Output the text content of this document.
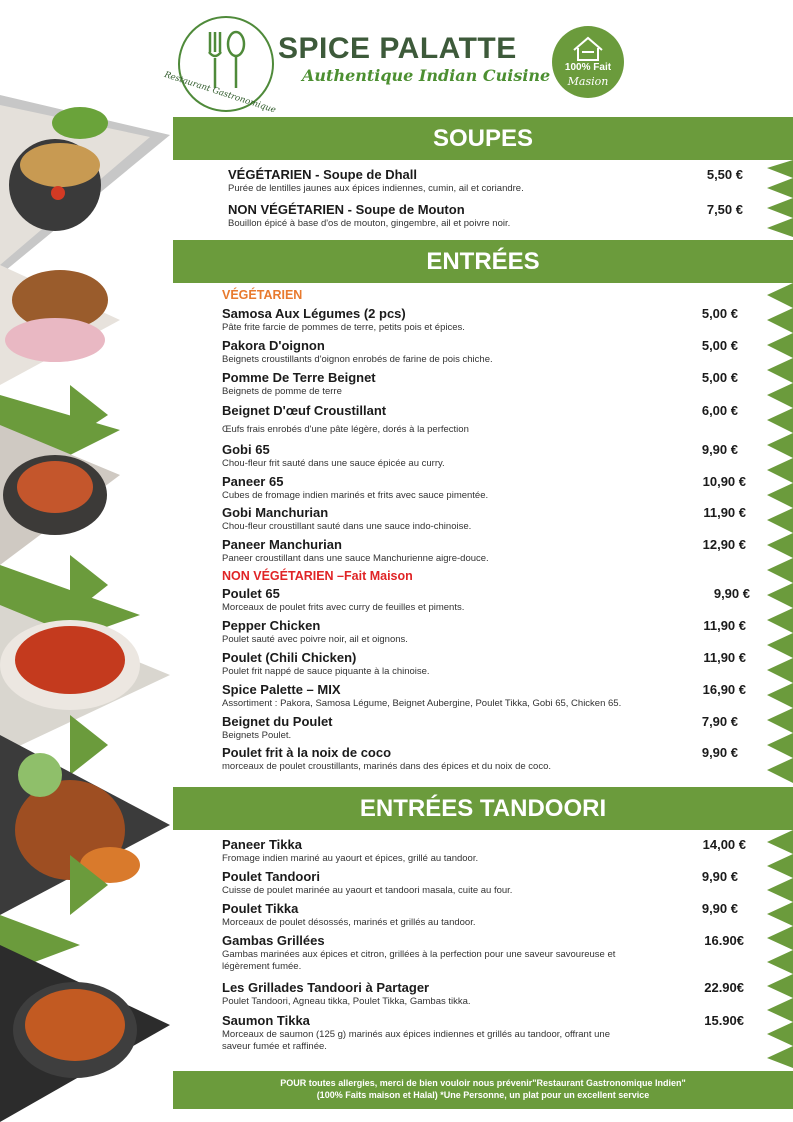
Restaurant Gastronomique
SPICE PALATTE
Authentique Indian Cuisine	100% Fait
Masion
SOUPES
VÉGÉTARIEN - Soupe de Dhall
Purée de lentilles jaunes aux épices indiennes, cumin, ail et coriandre.
5,50 €
NON VÉGÉTARIEN - Soupe de Mouton
Bouillon épicé à base d'os de mouton, gingembre, ail et poivre noir.
7,50 €
ENTRÉES
VÉGÉTARIEN
Samosa Aux Légumes (2 pcs)
Pâte frite farcie de pommes de terre, petits pois et épices.
5,00 €
Pakora D'oignon
Beignets croustillants d'oignon enrobés de farine de pois chiche.
5,00 €
Pomme De Terre Beignet
Beignets de pomme de terre
5,00 €
Beignet D'œuf Croustillant
Œufs frais enrobés d'une pâte légère, dorés à la perfection
6,00 €
Gobi 65
Chou-fleur frit sauté dans une sauce épicée au curry.
9,90 €
Paneer 65
Cubes de fromage indien marinés et frits avec sauce pimentée.
10,90 €
Gobi Manchurian
Chou-fleur croustillant sauté dans une sauce indo-chinoise.
11,90 €
Paneer Manchurian
Paneer croustillant dans une sauce Manchurienne aigre-douce.
12,90 €
NON VÉGÉTARIEN –Fait Maison
Poulet 65
Morceaux de poulet frits avec curry de feuilles et piments.
9,90 €
Pepper Chicken
Poulet sauté avec poivre noir, ail et oignons.
11,90 €
Poulet (Chili Chicken)
Poulet frit nappé de sauce piquante à la chinoise.
11,90 €
Spice Palette – MIX
Assortiment : Pakora, Samosa Légume, Beignet Aubergine, Poulet Tikka, Gobi 65, Chicken 65.
16,90 €
Beignet du Poulet
Beignets Poulet.
7,90 €
Poulet frit à la noix de coco
morceaux de poulet croustillants, marinés dans des épices et du noix de coco.
9,90 €
ENTRÉES TANDOORI
Paneer Tikka
Fromage indien mariné au yaourt et épices, grillé au tandoor.
14,00 €
Poulet Tandoori
Cuisse de poulet marinée au yaourt et tandoori masala, cuite au four.
9,90 €
Poulet Tikka
Morceaux de poulet désossés, marinés et grillés au tandoor.
9,90 €
Gambas Grillées
Gambas marinées aux épices et citron, grillées à la perfection pour une saveur savoureuse et légèrement fumée.
16.90€
Les Grillades Tandoori à Partager
Poulet Tandoori, Agneau tikka, Poulet Tikka, Gambas tikka.
22.90€
Saumon Tikka
Morceaux de saumon (125 g) marinés aux épices indiennes et grillés au tandoor, offrant une saveur fumée et raffinée.
15.90€
POUR toutes allergies, merci de bien vouloir nous prévenir"Restaurant Gastronomique Indien"
(100% Faits maison et Halal) *Une Personne, un plat pour un excellent service
